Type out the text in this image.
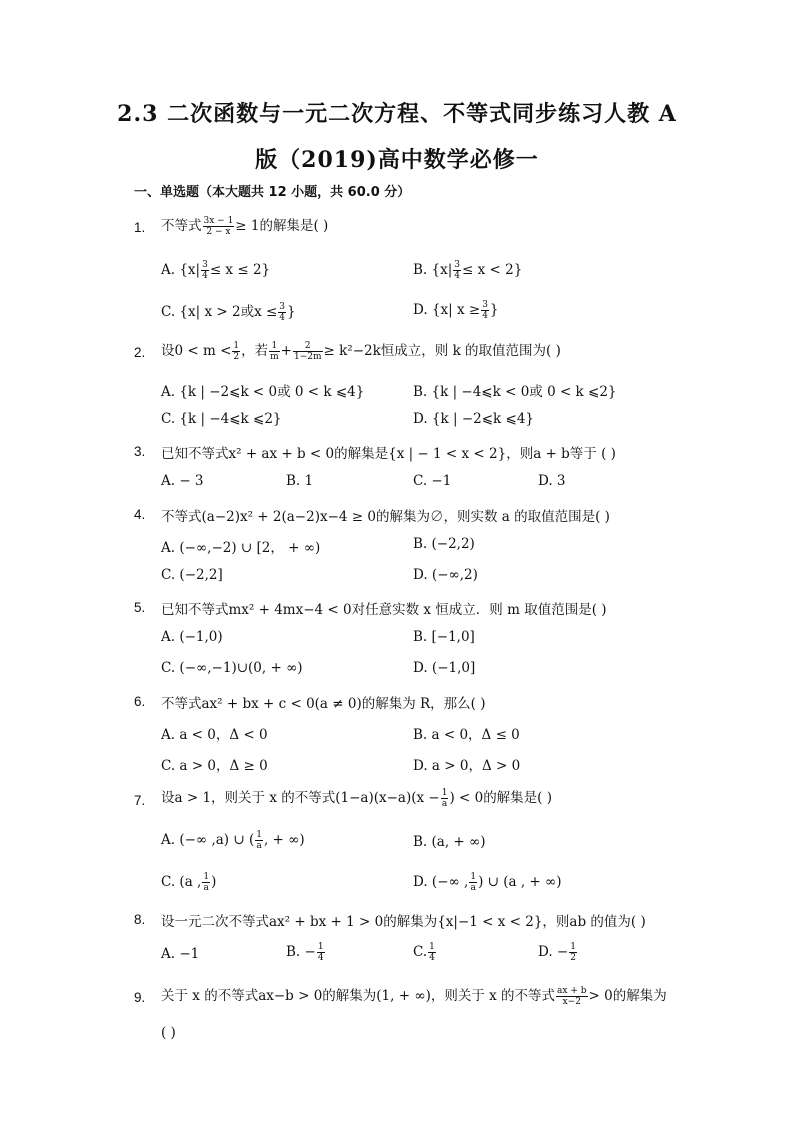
2.3 二次函数与一元二次方程、不等式同步练习人教 A
版（2019)高中数学必修一
一、单选题（本大题共 12 小题，共 60.0 分）
1. 不等式 $\frac{3x - 1}{2 - x} \ge 1$的解集是( )
A. $\{x| \frac{3}{4} \le x \le 2\}$	B. $\{x| \frac{3}{4} \le x < 2\}$
C. {x| x > 2或$x \le \frac{3}{4}$ }	D. {x| $x \ge \frac{3}{4}$ }
2. 设$0 < m < \frac{1}{2}$ ，若 $\frac{1}{m} + \frac{2}{1-2m} \ge k^2-2k$恒成立，则 k 的取值范围为( )
A. {k | −2⩽k < 0或 0 < k ⩽4}	B. {k | −4⩽k < 0或 0 < k ⩽2}
C. {k | −4⩽k ⩽2}	D. {k | −2⩽k ⩽4}
3. 已知不等式x² + ax + b < 0的解集是{x | − 1 < x < 2}，则a + b等于 ( )
A. − 3	B. 1	C. −1	D. 3
4. 不等式(a−2)x² + 2(a−2)x−4 ≥ 0的解集为∅，则实数 a 的取值范围是( )
A. (−∞,−2) ∪ [2， + ∞)	B. (−2,2)
C. (−2,2]	D. (−∞,2)
5. 已知不等式mx² + 4mx−4 < 0对任意实数 x 恒成立．则 m 取值范围是( )
A. (−1,0)	B. [−1,0]
C. (−∞,−1)∪(0, + ∞)	D. (−1,0]
6. 不等式ax² + bx + c < 0(a ≠ 0)的解集为 R，那么( )
A. a < 0，Δ < 0	B. a < 0，Δ ≤ 0
C. a > 0，Δ ≥ 0	D. a > 0，Δ > 0
7. 设a > 1，则关于 x 的不等式$(1-a)(x-a)(x - \frac{1}{a}$ ) < 0的解集是( )
A. (−∞ ,a) ∪ ( $\frac{1}{a}$ , + ∞)	B. (a, + ∞)
C. (a , $\frac{1}{a}$ )	D. (−∞ , $\frac{1}{a}$ ) ∪ (a , + ∞)
8. 设一元二次不等式ax² + bx + 1 > 0的解集为{x|−1 < x < 2}，则ab 的值为( )
A. −1	B. − $\frac{1}{4}$	C. $\frac{1}{4}$	D. − $\frac{1}{2}$
9. 关于 x 的不等式ax−b > 0的解集为(1, + ∞)，则关于 x 的不等式 $\frac{ax + b}{x-2} > 0$的解集为
( )
